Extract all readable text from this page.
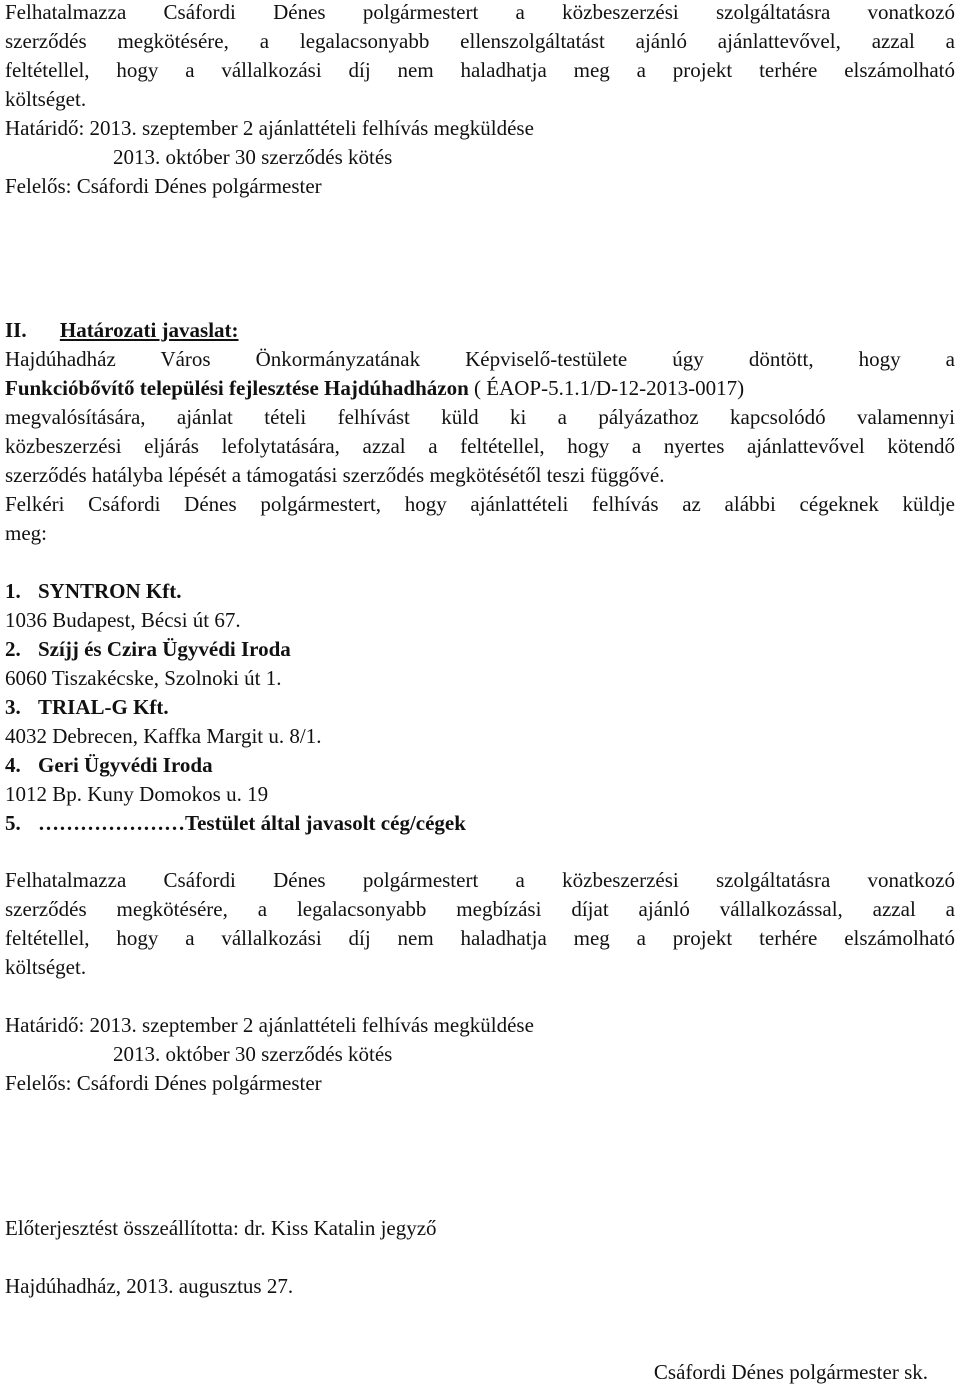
Felhatalmazza Csáfordi Dénes polgármestert a közbeszerzési szolgáltatásra vonatkozó
szerződés megkötésére, a legalacsonyabb ellenszolgáltatást ajánló ajánlattevővel, azzal a
feltétellel, hogy a vállalkozási díj nem haladhatja meg a projekt terhére elszámolható
költséget.
Határidő: 2013. szeptember 2 ajánlattételi felhívás megküldése
2013. október 30 szerződés kötés
Felelős: Csáfordi Dénes polgármester
II. Határozati javaslat:
Hajdúhadház Város Önkormányzatának Képviselő-testülete úgy döntött, hogy a
Funkcióbővítő települési fejlesztése Hajdúhadházon ( ÉAOP-5.1.1/D-12-2013-0017)
megvalósítására, ajánlat tételi felhívást küld ki a pályázathoz kapcsolódó valamennyi
közbeszerzési eljárás lefolytatására, azzal a feltétellel, hogy a nyertes ajánlattevővel kötendő
szerződés hatályba lépését a támogatási szerződés megkötésétől teszi függővé.
Felkéri Csáfordi Dénes polgármestert, hogy ajánlattételi felhívás az alábbi cégeknek küldje
meg:
1. SYNTRON Kft.
1036 Budapest, Bécsi út 67.
2. Szíjj és Czira Ügyvédi Iroda
6060 Tiszakécske, Szolnoki út 1.
3. TRIAL-G Kft.
4032 Debrecen, Kaffka Margit u. 8/1.
4. Geri Ügyvédi Iroda
1012 Bp. Kuny Domokos u. 19
5. …………………Testület által javasolt cég/cégek
Felhatalmazza Csáfordi Dénes polgármestert a közbeszerzési szolgáltatásra vonatkozó
szerződés megkötésére, a legalacsonyabb megbízási díjat ajánló vállalkozással, azzal a
feltétellel, hogy a vállalkozási díj nem haladhatja meg a projekt terhére elszámolható
költséget.
Határidő: 2013. szeptember 2 ajánlattételi felhívás megküldése
2013. október 30 szerződés kötés
Felelős: Csáfordi Dénes polgármester
Előterjesztést összeállította: dr. Kiss Katalin jegyző
Hajdúhadház, 2013. augusztus 27.
Csáfordi Dénes polgármester sk.
